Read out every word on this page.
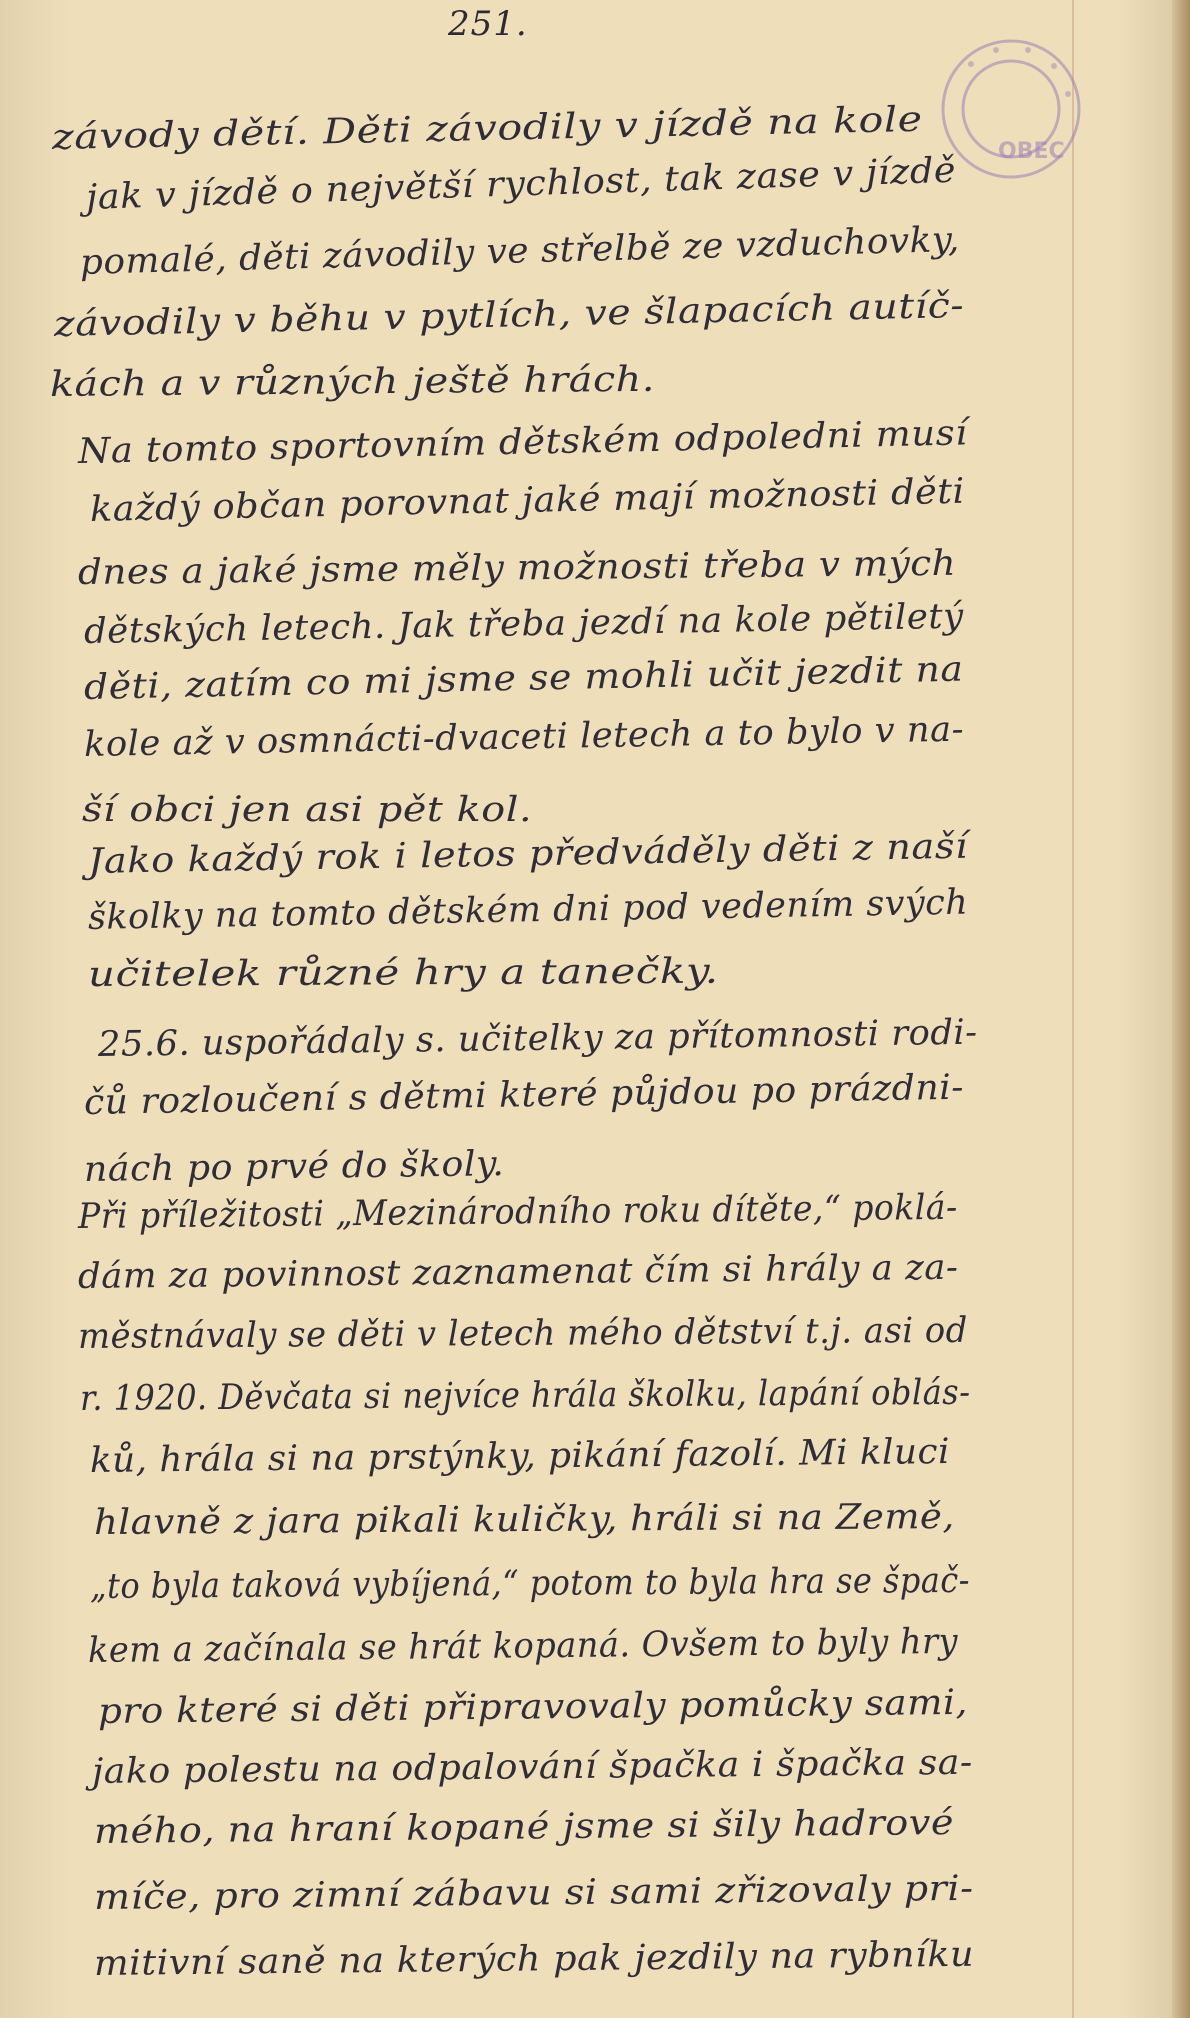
251.
OBEC
závody dětí. Děti závodily v jízdě na kole
jak v jízdě o největší rychlost, tak zase v jízdě
pomalé, děti závodily ve střelbě ze vzduchovky,
závodily v běhu v pytlích, ve šlapacích autíč-
kách a v různých ještě hrách.
Na tomto sportovním dětském odpoledni musí
každý občan porovnat jaké mají možnosti děti
dnes a jaké jsme měly možnosti třeba v mých
dětských letech. Jak třeba jezdí na kole pětiletý
děti, zatím co mi jsme se mohli učit jezdit na
kole až v osmnácti-dvaceti letech a to bylo v na-
ší obci jen asi pět kol.
Jako každý rok i letos předváděly děti z naší
školky na tomto dětském dni pod vedením svých
učitelek různé hry a tanečky.
25.6. uspořádaly s. učitelky za přítomnosti rodi-
čů rozloučení s dětmi které půjdou po prázdni-
nách po prvé do školy.
Při příležitosti „Mezinárodního roku dítěte,“ poklá-
dám za povinnost zaznamenat čím si hrály a za-
městnávaly se děti v letech mého dětství t.j. asi od
r. 1920. Děvčata si nejvíce hrála školku, lapání oblás-
ků, hrála si na prstýnky, pikání fazolí. Mi kluci
hlavně z jara pikali kuličky, hráli si na Země,
„to byla taková vybíjená,“ potom to byla hra se špač-
kem a začínala se hrát kopaná. Ovšem to byly hry
pro které si děti připravovaly pomůcky sami,
jako polestu na odpalování špačka i špačka sa-
mého, na hraní kopané jsme si šily hadrové
míče, pro zimní zábavu si sami zřizovaly pri-
mitivní saně na kterých pak jezdily na rybníku
